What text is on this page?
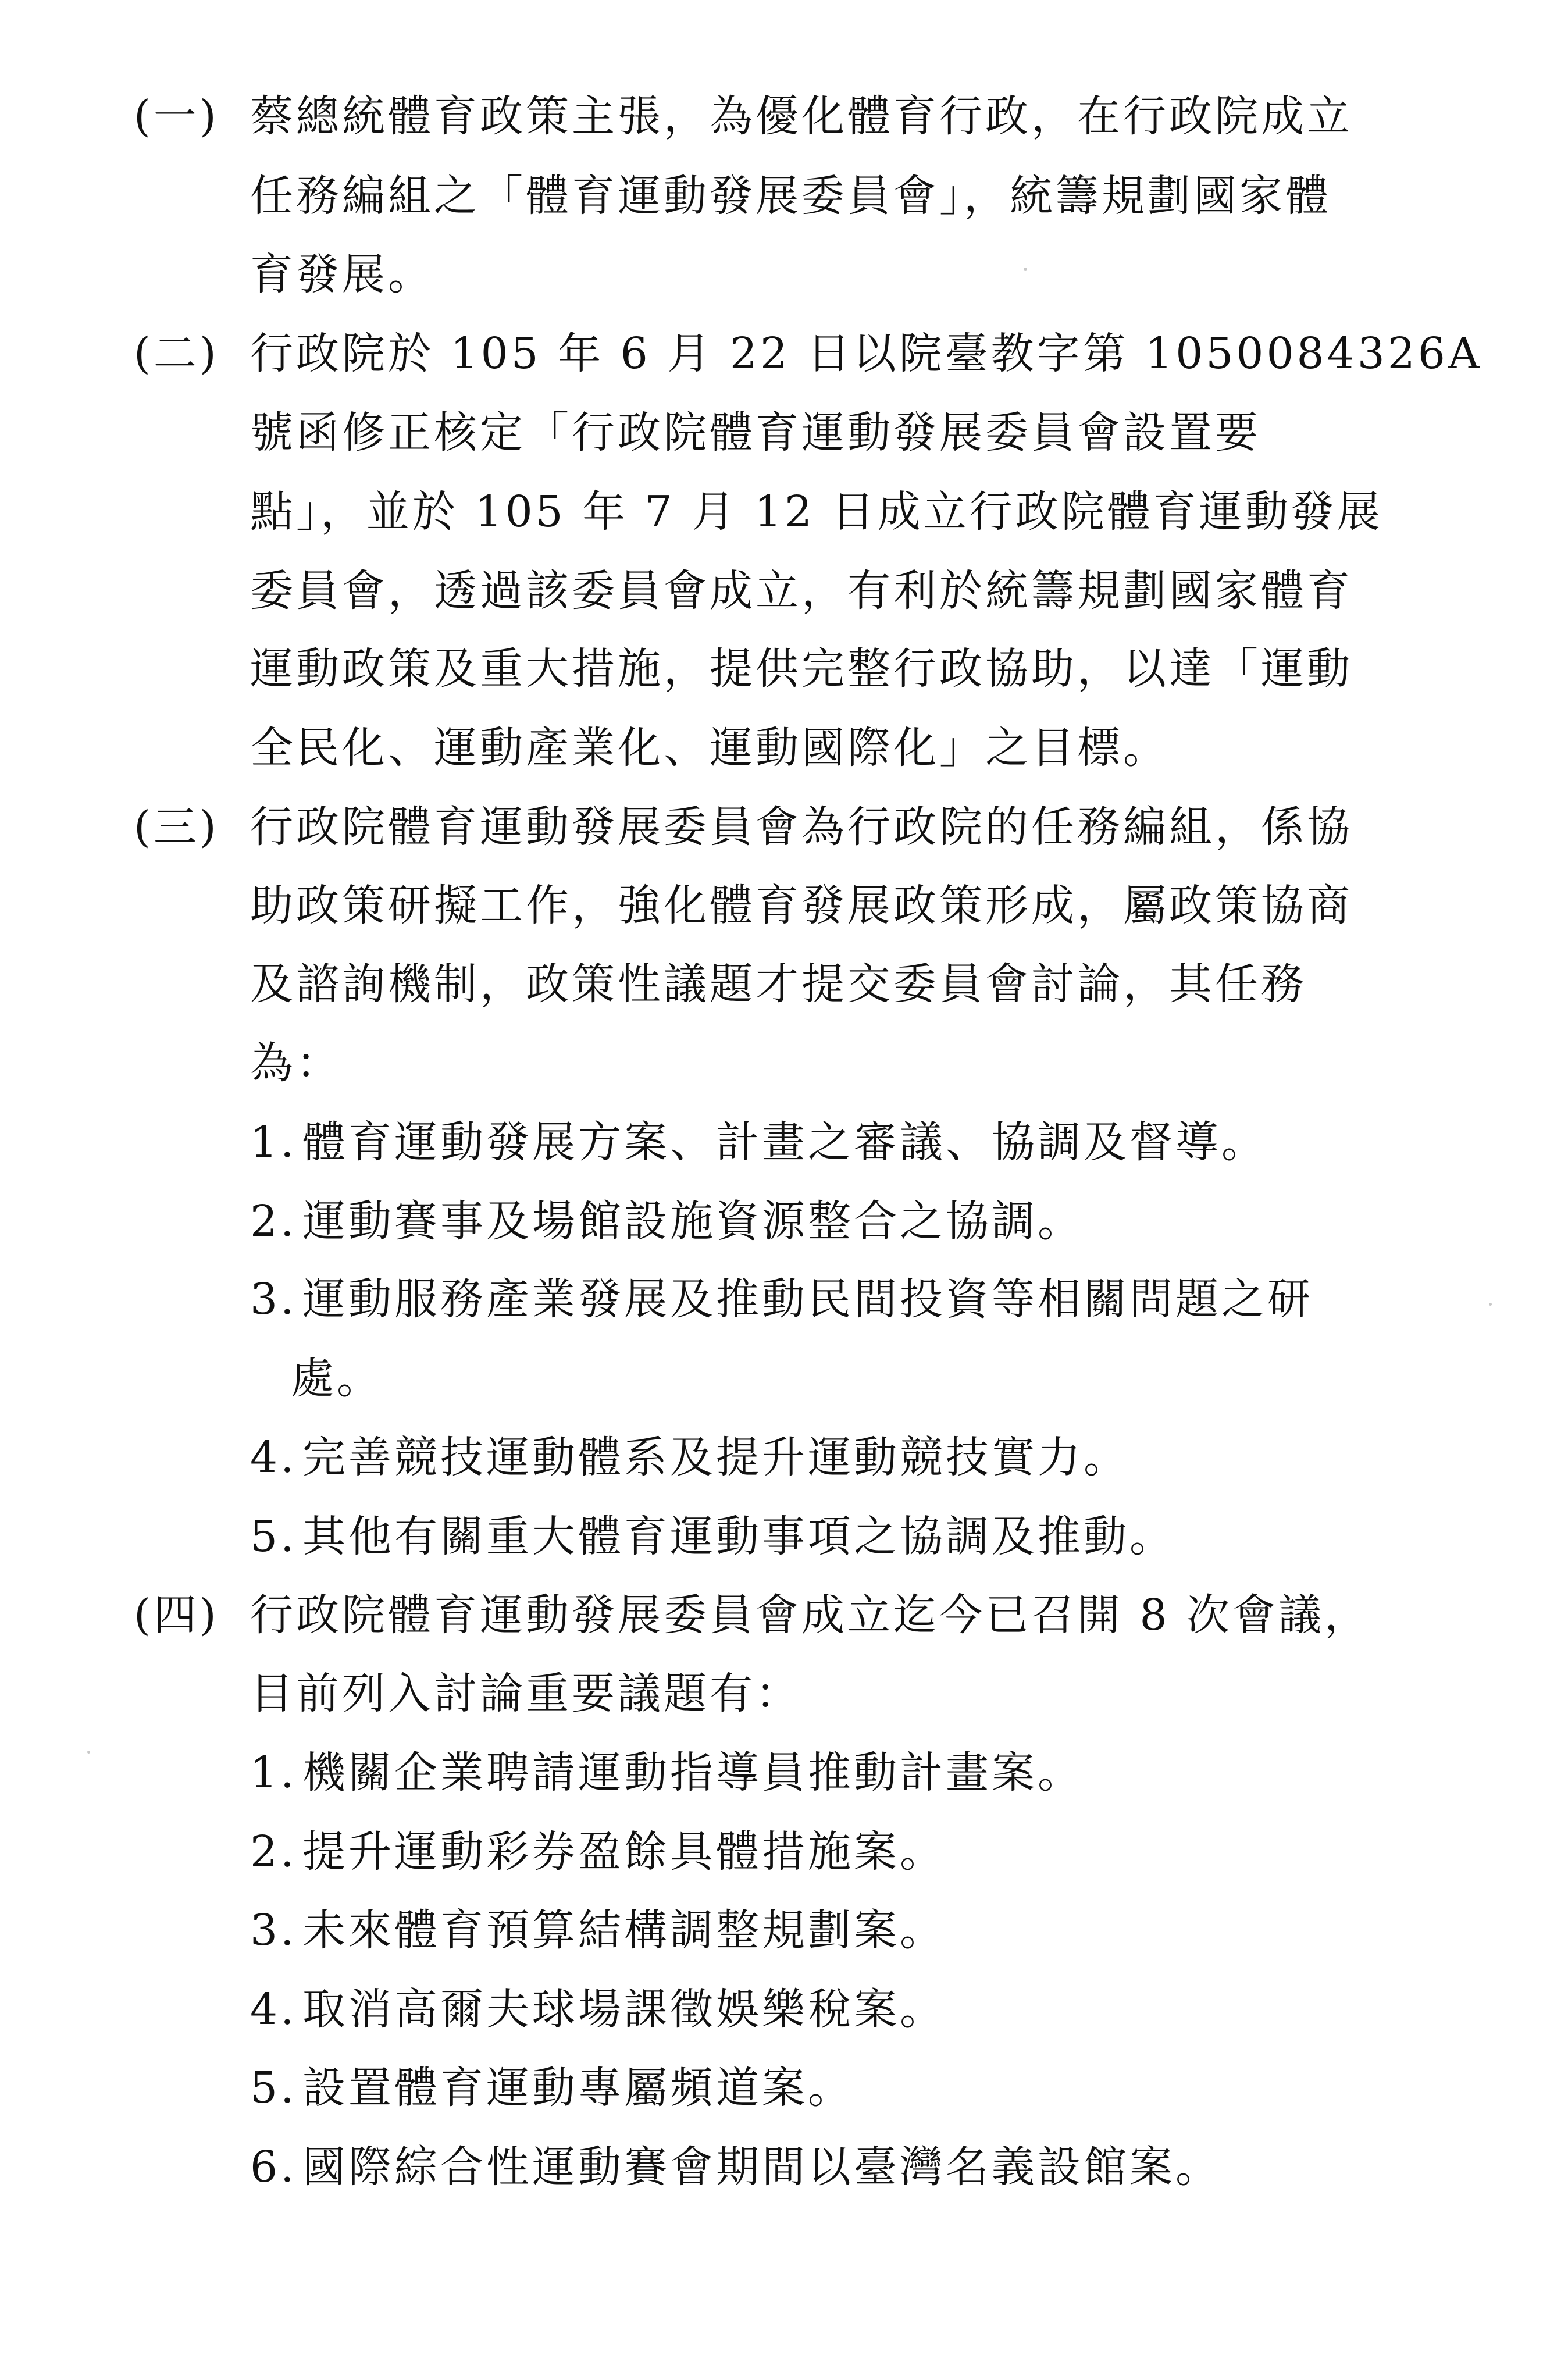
(一) 蔡總統體育政策主張，為優化體育行政，在行政院成立
任務編組之「體育運動發展委員會」，統籌規劃國家體
育發展。
(二) 行政院於 105 年 6 月 22 日以院臺教字第 1050084326A
號函修正核定「行政院體育運動發展委員會設置要
點」，並於 105 年 7 月 12 日成立行政院體育運動發展
委員會，透過該委員會成立，有利於統籌規劃國家體育
運動政策及重大措施，提供完整行政協助，以達「運動
全民化、運動產業化、運動國際化」之目標。
(三) 行政院體育運動發展委員會為行政院的任務編組，係協
助政策研擬工作，強化體育發展政策形成，屬政策協商
及諮詢機制，政策性議題才提交委員會討論，其任務
為：
1. 體育運動發展方案、計畫之審議、協調及督導。
2. 運動賽事及場館設施資源整合之協調。
3. 運動服務產業發展及推動民間投資等相關問題之研
處。
4. 完善競技運動體系及提升運動競技實力。
5. 其他有關重大體育運動事項之協調及推動。
(四) 行政院體育運動發展委員會成立迄今已召開 8 次會議，
目前列入討論重要議題有：
1. 機關企業聘請運動指導員推動計畫案。
2. 提升運動彩券盈餘具體措施案。
3. 未來體育預算結構調整規劃案。
4. 取消高爾夫球場課徵娛樂稅案。
5. 設置體育運動專屬頻道案。
6. 國際綜合性運動賽會期間以臺灣名義設館案。
